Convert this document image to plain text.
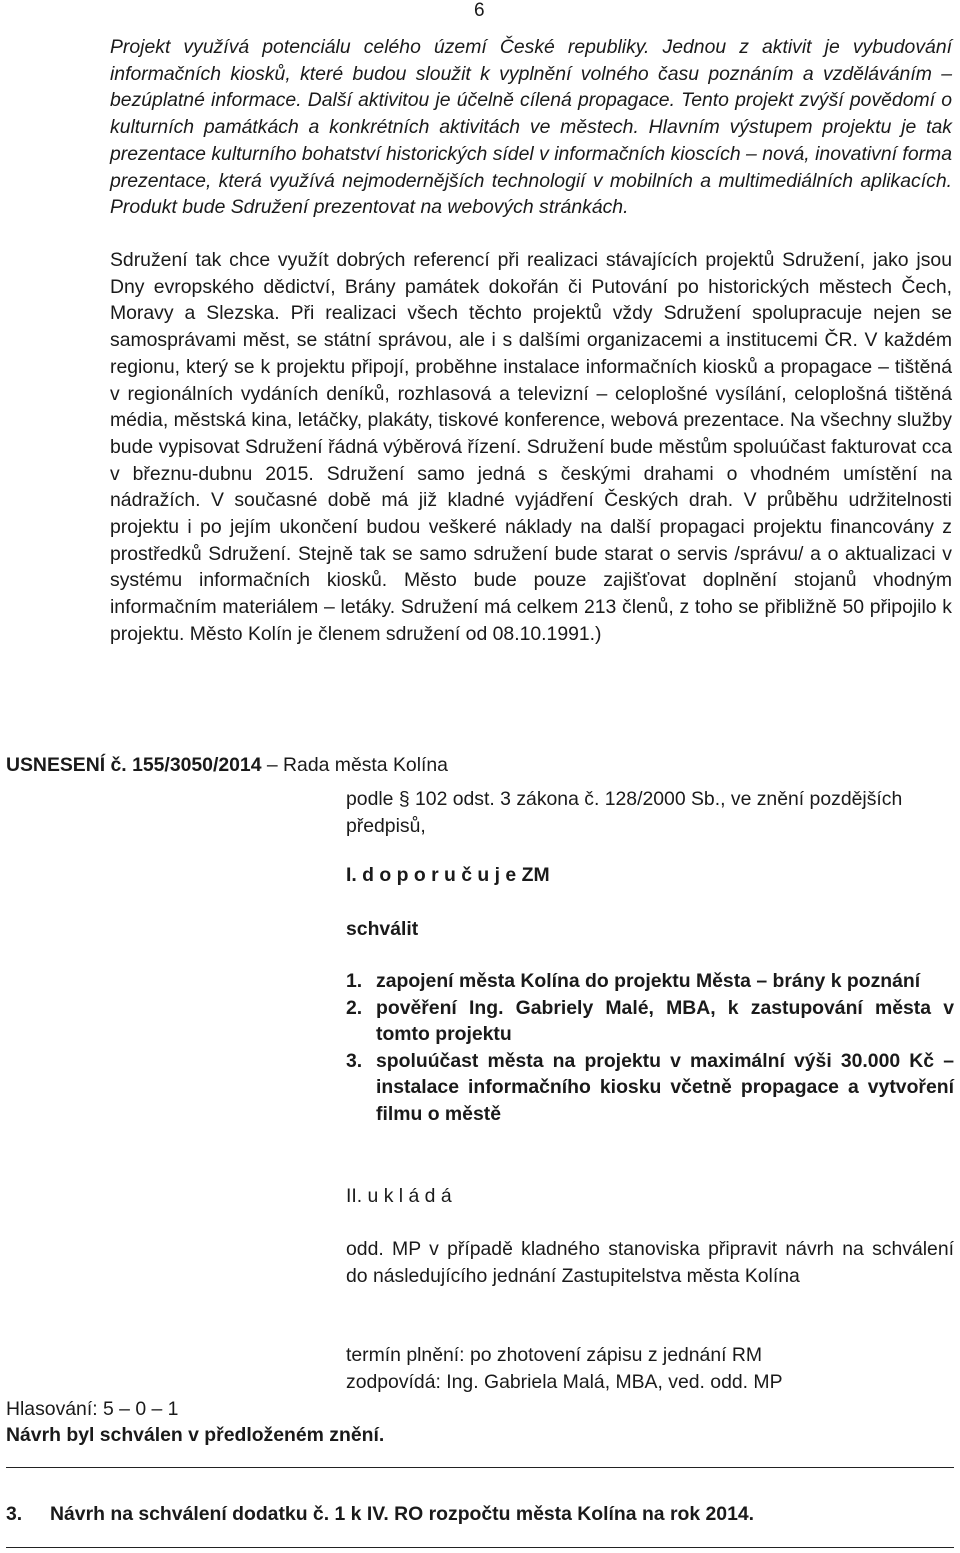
6
Projekt využívá potenciálu celého území České republiky. Jednou z aktivit je vybudování informačních kiosků, které budou sloužit k vyplnění volného času poznáním a vzděláváním – bezúplatné informace. Další aktivitou je účelně cílená propagace. Tento projekt zvýší povědomí o kulturních památkách a konkrétních aktivitách ve městech. Hlavním výstupem projektu je tak prezentace kulturního bohatství historických sídel v informačních kioscích – nová, inovativní forma prezentace, která využívá nejmodernějších technologií v mobilních a multimediálních aplikacích. Produkt bude Sdružení prezentovat na webových stránkách.
Sdružení tak chce využít dobrých referencí při realizaci stávajících projektů Sdružení, jako jsou Dny evropského dědictví, Brány památek dokořán či Putování po historických městech Čech, Moravy a Slezska. Při realizaci všech těchto projektů vždy Sdružení spolupracuje nejen se samosprávami měst, se státní správou, ale i s dalšími organizacemi a institucemi ČR. V každém regionu, který se k projektu připojí, proběhne instalace informačních kiosků a propagace – tištěná v regionálních vydáních deníků, rozhlasová a televizní – celoplošné vysílání, celoplošná tištěná média, městská kina, letáčky, plakáty, tiskové konference, webová prezentace. Na všechny služby bude vypisovat Sdružení řádná výběrová řízení. Sdružení bude městům spoluúčast fakturovat cca v březnu-dubnu 2015. Sdružení samo jedná s českými drahami o vhodném umístění na nádražích. V současné době má již kladné vyjádření Českých drah. V průběhu udržitelnosti projektu i po jejím ukončení budou veškeré náklady na další propagaci projektu financovány z prostředků Sdružení. Stejně tak se samo sdružení bude starat o servis /správu/ a o aktualizaci v systému informačních kiosků. Město bude pouze zajišťovat doplnění stojanů vhodným informačním materiálem – letáky. Sdružení má celkem 213 členů, z toho se přibližně 50 připojilo k projektu. Město Kolín je členem sdružení od 08.10.1991.)
USNESENÍ č. 155/3050/2014 – Rada města Kolína
podle § 102 odst. 3 zákona č. 128/2000 Sb., ve znění pozdějších předpisů,
I. d o p o r u č u j e ZM
schválit
1. zapojení města Kolína do projektu Města – brány k poznání
2. pověření Ing. Gabriely Malé, MBA, k zastupování města v tomto projektu
3. spoluúčast města na projektu v maximální výši 30.000 Kč – instalace informačního kiosku včetně propagace a vytvoření filmu o městě
II. u k l á d á
odd. MP v případě kladného stanoviska připravit návrh na schválení do následujícího jednání Zastupitelstva města Kolína
termín plnění: po zhotovení zápisu z jednání RM
zodpovídá: Ing. Gabriela Malá, MBA, ved. odd. MP
Hlasování: 5 – 0 – 1
Návrh byl schválen v předloženém znění.
3. Návrh na schválení dodatku č. 1 k IV. RO rozpočtu města Kolína na rok 2014.
